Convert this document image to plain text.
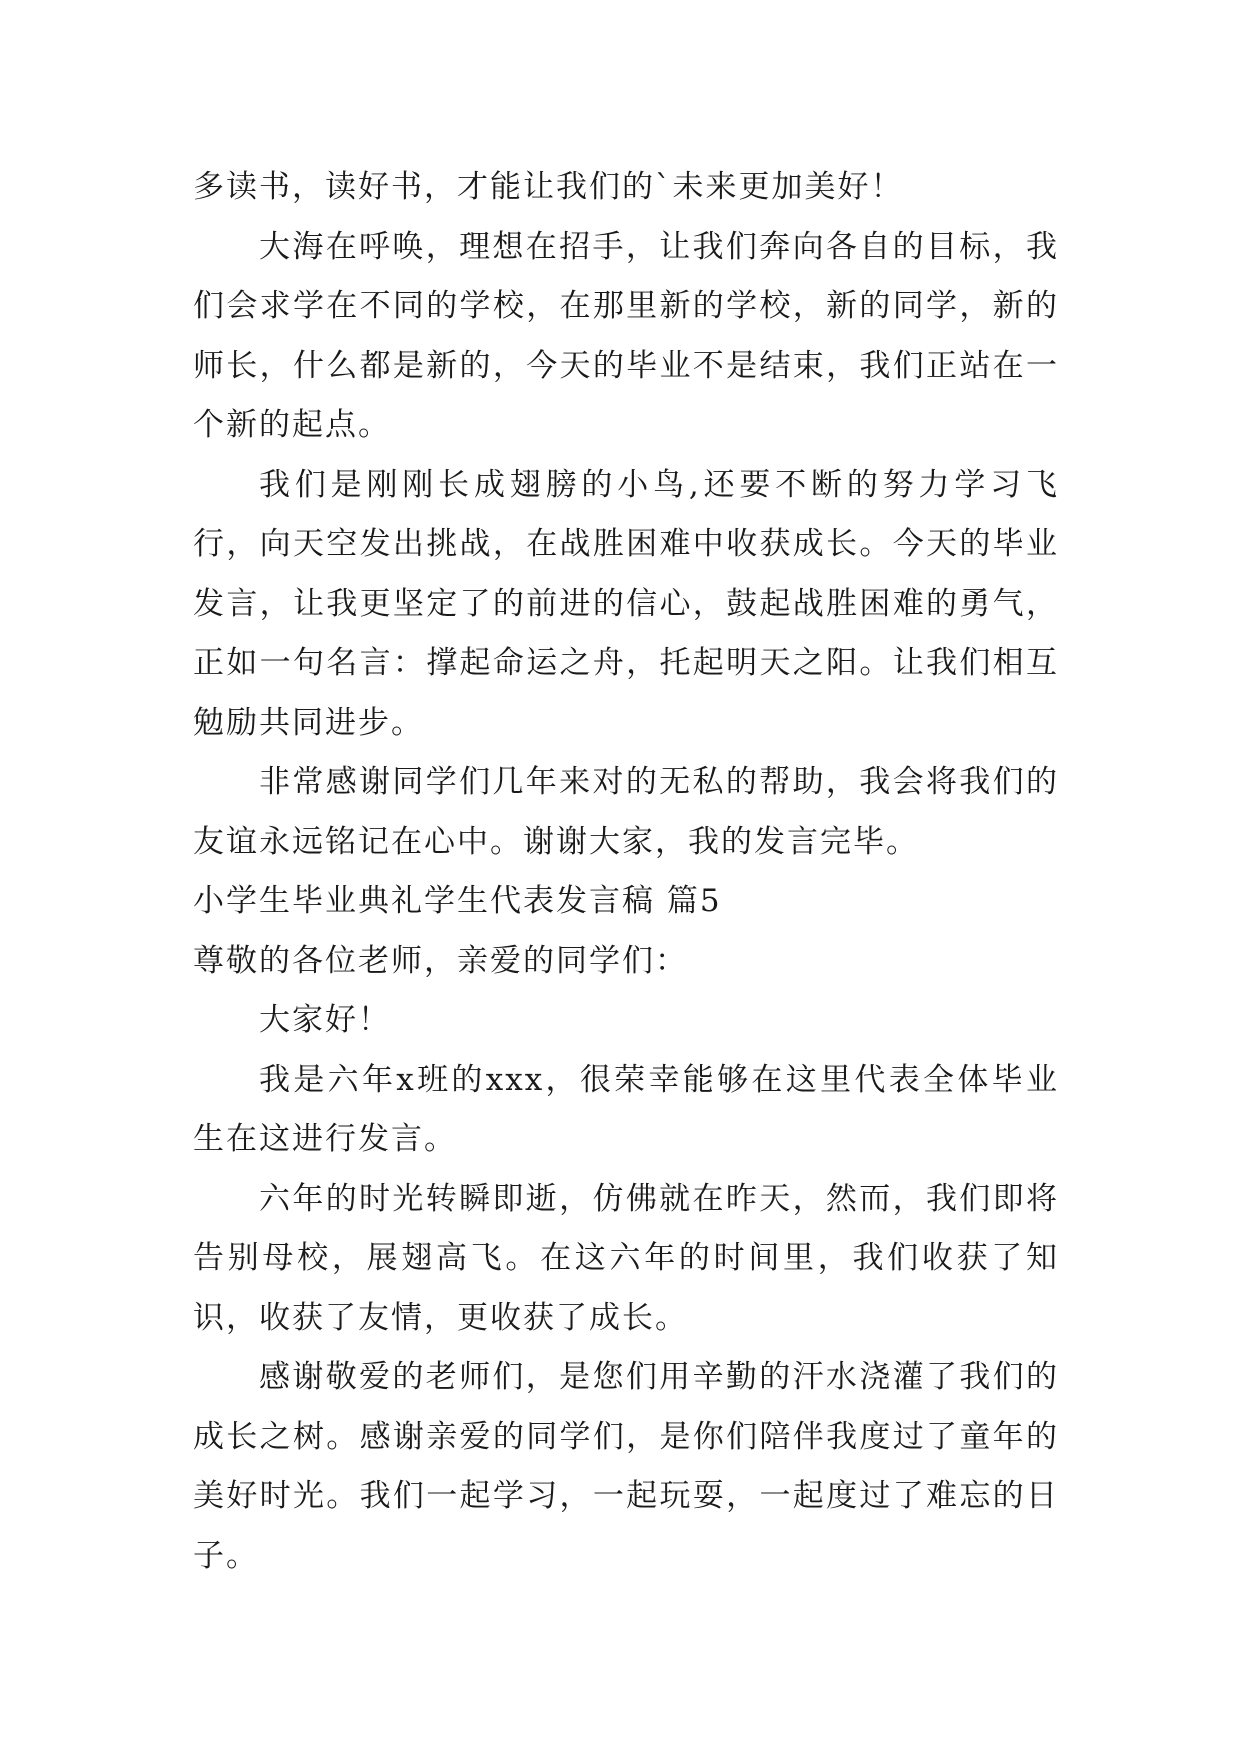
多读书，读好书，才能让我们的`未来更加美好！

大海在呼唤，理想在招手，让我们奔向各自的目标，我们会求学在不同的学校，在那里新的学校，新的同学，新的师长，什么都是新的，今天的毕业不是结束，我们正站在一个新的起点。

我们是刚刚长成翅膀的小鸟,还要不断的努力学习飞行，向天空发出挑战，在战胜困难中收获成长。今天的毕业发言，让我更坚定了的前进的信心，鼓起战胜困难的勇气，正如一句名言：撑起命运之舟，托起明天之阳。让我们相互勉励共同进步。

非常感谢同学们几年来对的无私的帮助，我会将我们的友谊永远铭记在心中。谢谢大家，我的发言完毕。

小学生毕业典礼学生代表发言稿 篇5

尊敬的各位老师，亲爱的同学们：

大家好！

我是六年x班的xxx，很荣幸能够在这里代表全体毕业生在这进行发言。

六年的时光转瞬即逝，仿佛就在昨天，然而，我们即将告别母校，展翅高飞。在这六年的时间里，我们收获了知识，收获了友情，更收获了成长。

感谢敬爱的老师们，是您们用辛勤的汗水浇灌了我们的成长之树。感谢亲爱的同学们，是你们陪伴我度过了童年的美好时光。我们一起学习，一起玩耍，一起度过了难忘的日子。
